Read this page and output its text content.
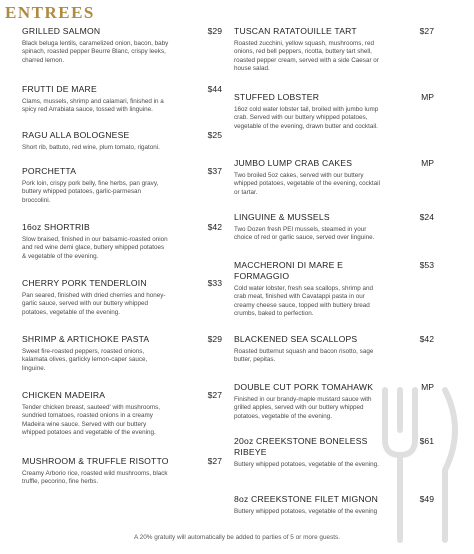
ENTREES
GRILLED SALMON	$29
Black beluga lentils, caramelized onion, bacon, baby spinach, roasted pepper Beurre Blanc, crispy leeks, charred lemon.
FRUTTI DE MARE	$44
Clams, mussels, shrimp and calamari, finished in a spicy red Arrabiata sauce, tossed with linguine.
RAGU ALLA BOLOGNESE	$25
Short rib, battuto, red wine, plum tomato, rigatoni.
PORCHETTA	$37
Pork loin, crispy pork belly, fine herbs, pan gravy, buttery whipped potatoes, garlic-parmesan broccolini.
16oz SHORTRIB	$42
Slow braised, finished in our balsamic-roasted onion and red wine demi glace, buttery whipped potatoes & vegetable of the evening.
CHERRY PORK TENDERLOIN	$33
Pan seared, finished with dried cherries and honey-garlic sauce, served with our buttery whipped potatoes, vegetable of the evening.
SHRIMP & ARTICHOKE PASTA	$29
Sweet fire-roasted peppers, roasted onions, kalamata olives, garlicky lemon-caper sauce, linguine.
CHICKEN MADEIRA	$27
Tender chicken breast, sauteed' with mushrooms, sundried tomatoes, roasted onions in a creamy Madeira wine sauce. Served with our buttery whipped potatoes and vegetable of the evening.
MUSHROOM & TRUFFLE RISOTTO	$27
Creamy Arborio rice, roasted wild mushrooms, black truffle, pecorino, fine herbs.
TUSCAN RATATOUILLE TART	$27
Roasted zucchini, yellow squash, mushrooms, red onions, red bell peppers, ricotta, buttery tart shell, roasted pepper cream, served with a side Caesar or house salad.
STUFFED LOBSTER	MP
16oz cold water lobster tail, broiled with jumbo lump crab. Served with our buttery whipped potatoes, vegetable of the evening, drawn butter and cocktail.
JUMBO LUMP CRAB CAKES	MP
Two broiled 5oz cakes, served with our buttery whipped potatoes, vegetable of the evening, cocktail or tartar.
LINGUINE & MUSSELS	$24
Two Dozen fresh PEI mussels, steamed in your choice of red or garlic sauce, served over linguine.
MACCHERONI DI MARE E FORMAGGIO
$53
Cold water lobster, fresh sea scallops, shrimp and crab meat, finished with Cavatappi pasta in our creamy cheese sauce, topped with buttery bread crumbs, baked to perfection.
BLACKENED SEA SCALLOPS	$42
Roasted butternut squash and bacon risotto, sage butter, pepitas.
DOUBLE CUT PORK TOMAHAWK	MP
Finished in our brandy-maple mustard sauce with grilled apples, served with our buttery whipped potatoes, vegetable of the evening.
20oz CREEKSTONE BONELESS RIBEYE
$61
Buttery whipped potatoes, vegetable of the evening.
8oz CREEKSTONE FILET MIGNON	$49
Buttery whipped potatoes, vegetable of the evening
A 20% gratuity will automatically be added to parties of 5 or more guests.
